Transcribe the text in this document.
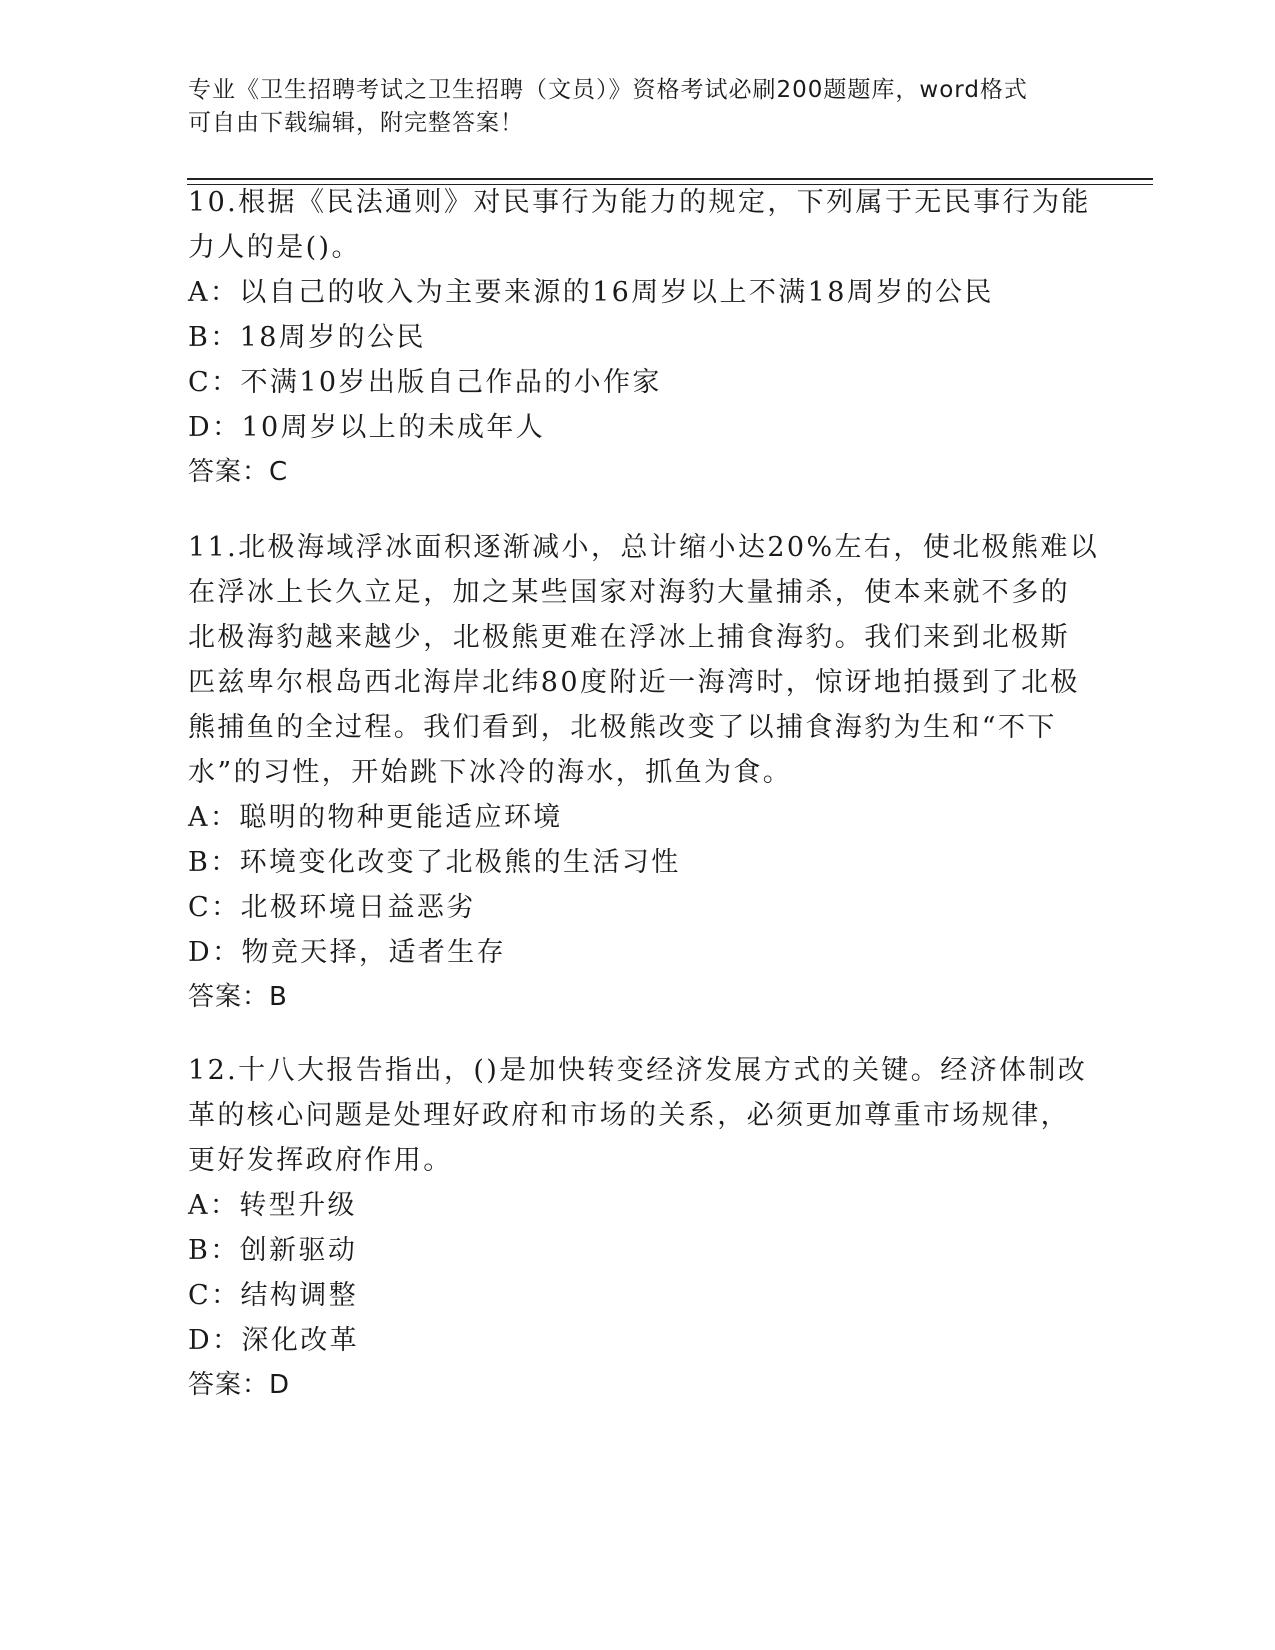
专业《卫生招聘考试之卫生招聘（文员）》资格考试必刷200题题库，word格式
可自由下载编辑，附完整答案！
10.根据《民法通则》对民事行为能力的规定，下列属于无民事行为能
力人的是()。
A：以自己的收入为主要来源的16周岁以上不满18周岁的公民
B：18周岁的公民
C：不满10岁出版自己作品的小作家
D：10周岁以上的未成年人
答案：C
11.北极海域浮冰面积逐渐减小，总计缩小达20%左右，使北极熊难以
在浮冰上长久立足，加之某些国家对海豹大量捕杀，使本来就不多的
北极海豹越来越少，北极熊更难在浮冰上捕食海豹。我们来到北极斯
匹兹卑尔根岛西北海岸北纬80度附近一海湾时，惊讶地拍摄到了北极
熊捕鱼的全过程。我们看到，北极熊改变了以捕食海豹为生和“不下
水”的习性，开始跳下冰冷的海水，抓鱼为食。
A：聪明的物种更能适应环境
B：环境变化改变了北极熊的生活习性
C：北极环境日益恶劣
D：物竞天择，适者生存
答案：B
12.十八大报告指出，()是加快转变经济发展方式的关键。经济体制改
革的核心问题是处理好政府和市场的关系，必须更加尊重市场规律，
更好发挥政府作用。
A：转型升级
B：创新驱动
C：结构调整
D：深化改革
答案：D
